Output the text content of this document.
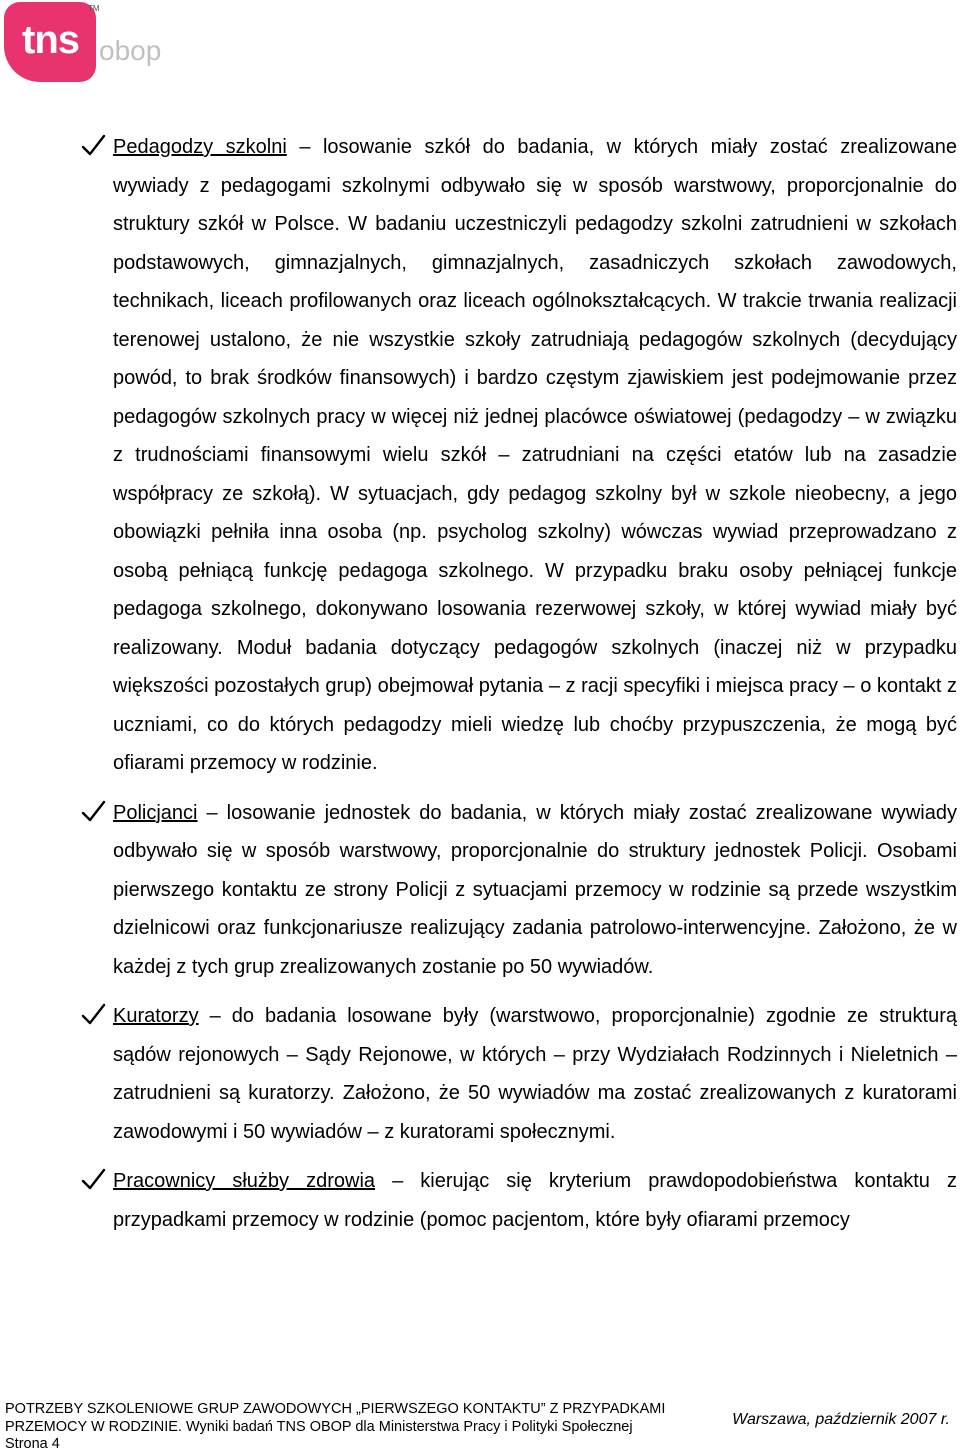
tns
TM
obop

Pedagodzy szkolni – losowanie szkół do badania, w których miały zostać zrealizowane wywiady z pedagogami szkolnymi odbywało się w sposób warstwowy, proporcjonalnie do struktury szkół w Polsce. W badaniu uczestniczyli pedagodzy szkolni zatrudnieni w szkołach podstawowych, gimnazjalnych, gimnazjalnych, zasadniczych szkołach zawodowych, technikach, liceach profilowanych oraz liceach ogólnokształcących. W trakcie trwania realizacji terenowej ustalono, że nie wszystkie szkoły zatrudniają pedagogów szkolnych (decydujący powód, to brak środków finansowych) i bardzo częstym zjawiskiem jest podejmowanie przez pedagogów szkolnych pracy w więcej niż jednej placówce oświatowej (pedagodzy – w związku z trudnościami finansowymi wielu szkół – zatrudniani na części etatów lub na zasadzie współpracy ze szkołą). W sytuacjach, gdy pedagog szkolny był w szkole nieobecny, a jego obowiązki pełniła inna osoba (np. psycholog szkolny) wówczas wywiad przeprowadzano z osobą pełniącą funkcję pedagoga szkolnego. W przypadku braku osoby pełniącej funkcje pedagoga szkolnego, dokonywano losowania rezerwowej szkoły, w której wywiad miały być realizowany. Moduł badania dotyczący pedagogów szkolnych (inaczej niż w przypadku większości pozostałych grup) obejmował pytania – z racji specyfiki i miejsca pracy – o kontakt z uczniami, co do których pedagodzy mieli wiedzę lub choćby przypuszczenia, że mogą być ofiarami przemocy w rodzinie.

Policjanci – losowanie jednostek do badania, w których miały zostać zrealizowane wywiady odbywało się w sposób warstwowy, proporcjonalnie do struktury jednostek Policji. Osobami pierwszego kontaktu ze strony Policji z sytuacjami przemocy w rodzinie są przede wszystkim dzielnicowi oraz funkcjonariusze realizujący zadania patrolowo-interwencyjne. Założono, że w każdej z tych grup zrealizowanych zostanie po 50 wywiadów.

Kuratorzy – do badania losowane były (warstwowo, proporcjonalnie) zgodnie ze strukturą sądów rejonowych – Sądy Rejonowe, w których – przy Wydziałach Rodzinnych i Nieletnich – zatrudnieni są kuratorzy. Założono, że 50 wywiadów ma zostać zrealizowanych z kuratorami zawodowymi i 50 wywiadów – z kuratorami społecznymi.

Pracownicy służby zdrowia – kierując się kryterium prawdopodobieństwa kontaktu z przypadkami przemocy w rodzinie (pomoc pacjentom, które były ofiarami przemocy

POTRZEBY SZKOLENIOWE GRUP ZAWODOWYCH „PIERWSZEGO KONTAKTU” Z PRZYPADKAMI
PRZEMOCY W RODZINIE. Wyniki badań TNS OBOP dla Ministerstwa Pracy i Polityki Społecznej
Strona 4
Warszawa, październik 2007 r.
